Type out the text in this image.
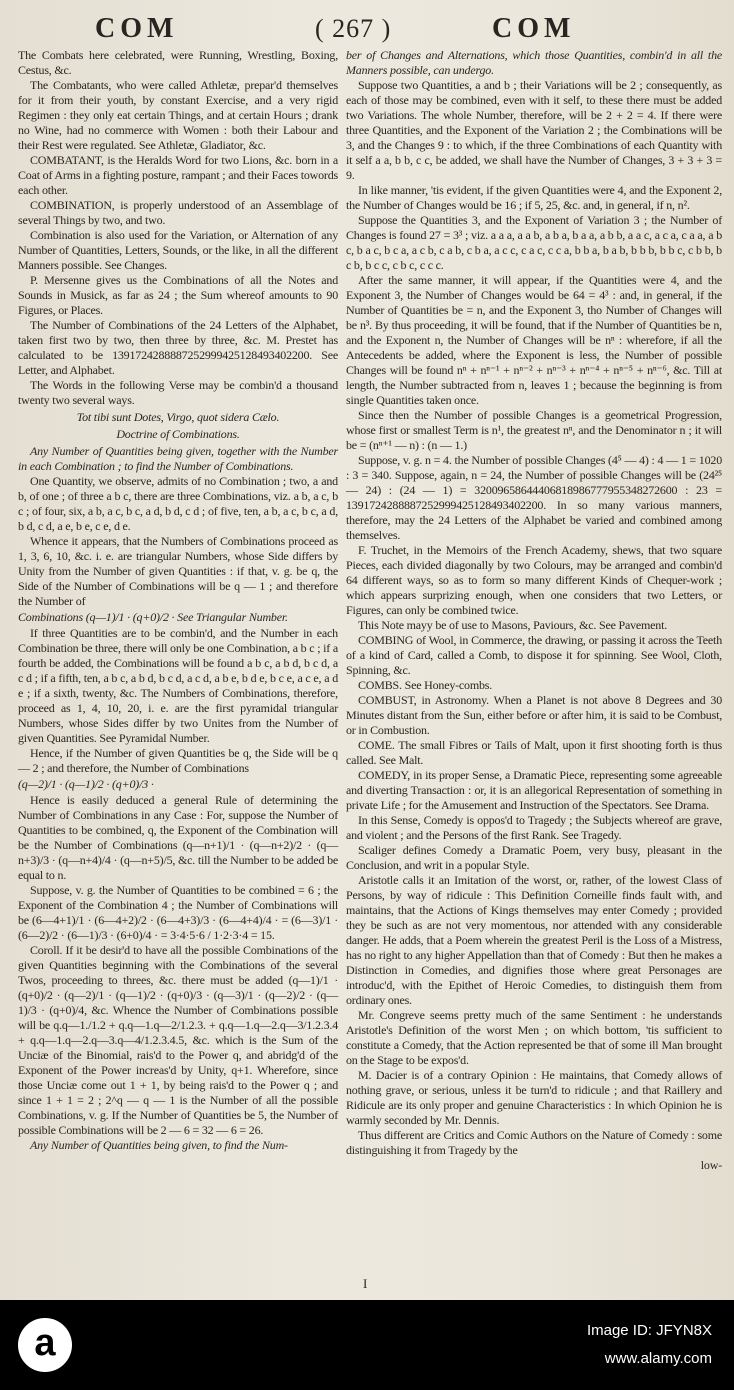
COM	( 267 )	COM

The Combats here celebrated, were Running, Wrestling, Boxing, Cestus, &c.

The Combatants, who were called Athletæ, prepar'd themselves for it from their youth, by constant Exercise, and a very rigid Regimen : they only eat certain Things, and at certain Hours ; drank no Wine, had no commerce with Women : both their Labour and their Rest were regulated. See Athletæ, Gladiator, &c.

COMBATANT, is the Heralds Word for two Lions, &c. born in a Coat of Arms in a fighting posture, rampant ; and their Faces towords each other.

COMBINATION, is properly understood of an Assemblage of several Things by two, and two.

Combination is also used for the Variation, or Alternation of any Number of Quantities, Letters, Sounds, or the like, in all the different Manners possible. See Changes.

P. Mersenne gives us the Combinations of all the Notes and Sounds in Musick, as far as 24 ; the Sum whereof amounts to 90 Figures, or Places.

The Number of Combinations of the 24 Letters of the Alphabet, taken first two by two, then three by three, &c. M. Prestet has calculated to be 1391724288887252999425128493402200. See Letter, and Alphabet.

The Words in the following Verse may be combin'd a thousand twenty two several ways.

Tot tibi sunt Dotes, Virgo, quot sidera Cælo.

Doctrine of Combinations.

Any Number of Quantities being given, together with the Number in each Combination ; to find the Number of Combinations.

One Quantity, we observe, admits of no Combination ; two, a and b, of one ; of three a b c, there are three Combinations, viz. a b, a c, b c ; of four, six, a b, a c, b c, a d, b d, c d ; of five, ten, a b, a c, b c, a d, b d, c d, a e, b e, c e, d e.

Whence it appears, that the Numbers of Combinations proceed as 1, 3, 6, 10, &c. i. e. are triangular Numbers, whose Side differs by Unity from the Number of given Quantities : if that, v. g. be q, the Side of the Number of Combinations will be q — 1 ; and therefore the Number of

Combinations (q—1)/1 · (q+0)/2 · See Triangular Number.

If three Quantities are to be combin'd, and the Number in each Combination be three, there will only be one Combination, a b c ; if a fourth be added, the Combinations will be found a b c, a b d, b c d, a c d ; if a fifth, ten, a b c, a b d, b c d, a c d, a b e, b d e, b c e, a c e, a d e ; if a sixth, twenty, &c. The Numbers of Combinations, therefore, proceed as 1, 4, 10, 20, i. e. are the first pyramidal triangular Numbers, whose Sides differ by two Unites from the Number of given Quantities. See Pyramidal Number.

Hence, if the Number of given Quantities be q, the Side will be q — 2 ; and therefore, the Number of Combinations

(q—2)/1 · (q—1)/2 · (q+0)/3 ·

Hence is easily deduced a general Rule of determining the Number of Combinations in any Case : For, suppose the Number of Quantities to be combined, q, the Exponent of the Combination will be the Number of Combinations (q—n+1)/1 · (q—n+2)/2 · (q—n+3)/3 · (q—n+4)/4 · (q—n+5)/5, &c. till the Number to be added be equal to n.

Suppose, v. g. the Number of Quantities to be combined = 6 ; the Exponent of the Combination 4 ; the Number of Combinations will be (6—4+1)/1 · (6—4+2)/2 · (6—4+3)/3 · (6—4+4)/4 · = (6—3)/1 · (6—2)/2 · (6—1)/3 · (6+0)/4 · = 3·4·5·6 / 1·2·3·4 = 15.

Coroll. If it be desir'd to have all the possible Combinations of the given Quantities beginning with the Combinations of the several Twos, proceeding to threes, &c. there must be added (q—1)/1 · (q+0)/2 · (q—2)/1 · (q—1)/2 · (q+0)/3 · (q—3)/1 · (q—2)/2 · (q—1)/3 · (q+0)/4, &c. Whence the Number of Combinations possible will be q.q—1./1.2 + q.q—1.q—2/1.2.3. + q.q—1.q—2.q—3/1.2.3.4 + q.q—1.q—2.q—3.q—4/1.2.3.4.5, &c. which is the Sum of the Unciæ of the Binomial, rais'd to the Power q, and abridg'd of the Exponent of the Power increas'd by Unity, q+1. Wherefore, since those Unciæ come out 1 + 1, by being rais'd to the Power q ; and since 1 + 1 = 2 ; 2^q — q — 1 is the Number of all the possible Combinations, v. g. If the Number of Quantities be 5, the Number of possible Combinations will be 2 — 6 = 32 — 6 = 26.

Any Number of Quantities being given, to find the Num-

ber of Changes and Alternations, which those Quantities, combin'd in all the Manners possible, can undergo.

Suppose two Quantities, a and b ; their Variations will be 2 ; consequently, as each of those may be combined, even with it self, to these there must be added two Variations. The whole Number, therefore, will be 2 + 2 = 4. If there were three Quantities, and the Exponent of the Variation 2 ; the Combinations will be 3, and the Changes 9 : to which, if the three Combinations of each Quantity with it self a a, b b, c c, be added, we shall have the Number of Changes, 3 + 3 + 3 = 9.

In like manner, 'tis evident, if the given Quantities were 4, and the Exponent 2, the Number of Changes would be 16 ; if 5, 25, &c. and, in general, if n, n².

Suppose the Quantities 3, and the Exponent of Variation 3 ; the Number of Changes is found 27 = 3³ ; viz. a a a, a a b, a b a, b a a, a b b, a a c, a c a, c a a, a b c, b a c, b c a, a c b, c a b, c b a, a c c, c a c, c c a, b b a, b a b, b b b, b b c, c b b, b c b, b c c, c b c, c c c.

After the same manner, it will appear, if the Quantities were 4, and the Exponent 3, the Number of Changes would be 64 = 4³ : and, in general, if the Number of Quantities be = n, and the Exponent 3, tho Number of Changes will be n³. By thus proceeding, it will be found, that if the Number of Quantities be n, and the Exponent n, the Number of Changes will be nⁿ : wherefore, if all the Antecedents be added, where the Exponent is less, the Number of possible Changes will be found nⁿ + nⁿ⁻¹ + nⁿ⁻² + nⁿ⁻³ + nⁿ⁻⁴ + nⁿ⁻⁵ + nⁿ⁻⁶, &c. Till at length, the Number subtracted from n, leaves 1 ; because the beginning is from single Quantities taken once.

Since then the Number of possible Changes is a geometrical Progression, whose first or smallest Term is n¹, the greatest nⁿ, and the Denominator n ; it will be = (nⁿ⁺¹ — n) : (n — 1.)

Suppose, v. g. n = 4. the Number of possible Changes (4⁵ — 4) : 4 — 1 = 1020 : 3 = 340. Suppose, again, n = 24, the Number of possible Changes will be (24²⁵ — 24) : (24 — 1) = 32009658644406818986777955348272600 : 23 = 1391724288887252999425128493402200. In so many various manners, therefore, may the 24 Letters of the Alphabet be varied and combined among themselves.

F. Truchet, in the Memoirs of the French Academy, shews, that two square Pieces, each divided diagonally by two Colours, may be arranged and combin'd 64 different ways, so as to form so many different Kinds of Chequer-work ; which appears surprizing enough, when one considers that two Letters, or Figures, can only be combined twice.

This Note mayy be of use to Masons, Paviours, &c. See Pavement.

COMBING of Wool, in Commerce, the drawing, or passing it across the Teeth of a kind of Card, called a Comb, to dispose it for spinning. See Wool, Cloth, Spinning, &c.

COMBS. See Honey-combs.

COMBUST, in Astronomy. When a Planet is not above 8 Degrees and 30 Minutes distant from the Sun, either before or after him, it is said to be Combust, or in Combustion.

COME. The small Fibres or Tails of Malt, upon it first shooting forth is thus called. See Malt.

COMEDY, in its proper Sense, a Dramatic Piece, representing some agreeable and diverting Transaction : or, it is an allegorical Representation of something in private Life ; for the Amusement and Instruction of the Spectators. See Drama.

In this Sense, Comedy is oppos'd to Tragedy ; the Subjects whereof are grave, and violent ; and the Persons of the first Rank. See Tragedy.

Scaliger defines Comedy a Dramatic Poem, very busy, pleasant in the Conclusion, and writ in a popular Style.

Aristotle calls it an Imitation of the worst, or, rather, of the lowest Class of Persons, by way of ridicule : This Definition Corneille finds fault with, and maintains, that the Actions of Kings themselves may enter Comedy ; provided they be such as are not very momentous, nor attended with any considerable danger. He adds, that a Poem wherein the greatest Peril is the Loss of a Mistress, has no right to any higher Appellation than that of Comedy : But then he makes a Distinction in Comedies, and dignifies those where great Personages are introduc'd, with the Epithet of Heroic Comedies, to distinguish them from ordinary ones.

Mr. Congreve seems pretty much of the same Sentiment : he understands Aristotle's Definition of the worst Men ; on which bottom, 'tis sufficient to constitute a Comedy, that the Action represented be that of some ill Man brought on the Stage to be expos'd.

M. Dacier is of a contrary Opinion : He maintains, that Comedy allows of nothing grave, or serious, unless it be turn'd to ridicule ; and that Raillery and Ridicule are its only proper and genuine Characteristics : In which Opinion he is warmly seconded by Mr. Dennis.

Thus different are Critics and Comic Authors on the Nature of Comedy : some distinguishing it from Tragedy by the

low-

I
a	Image ID: JFYN8X
www.alamy.com
